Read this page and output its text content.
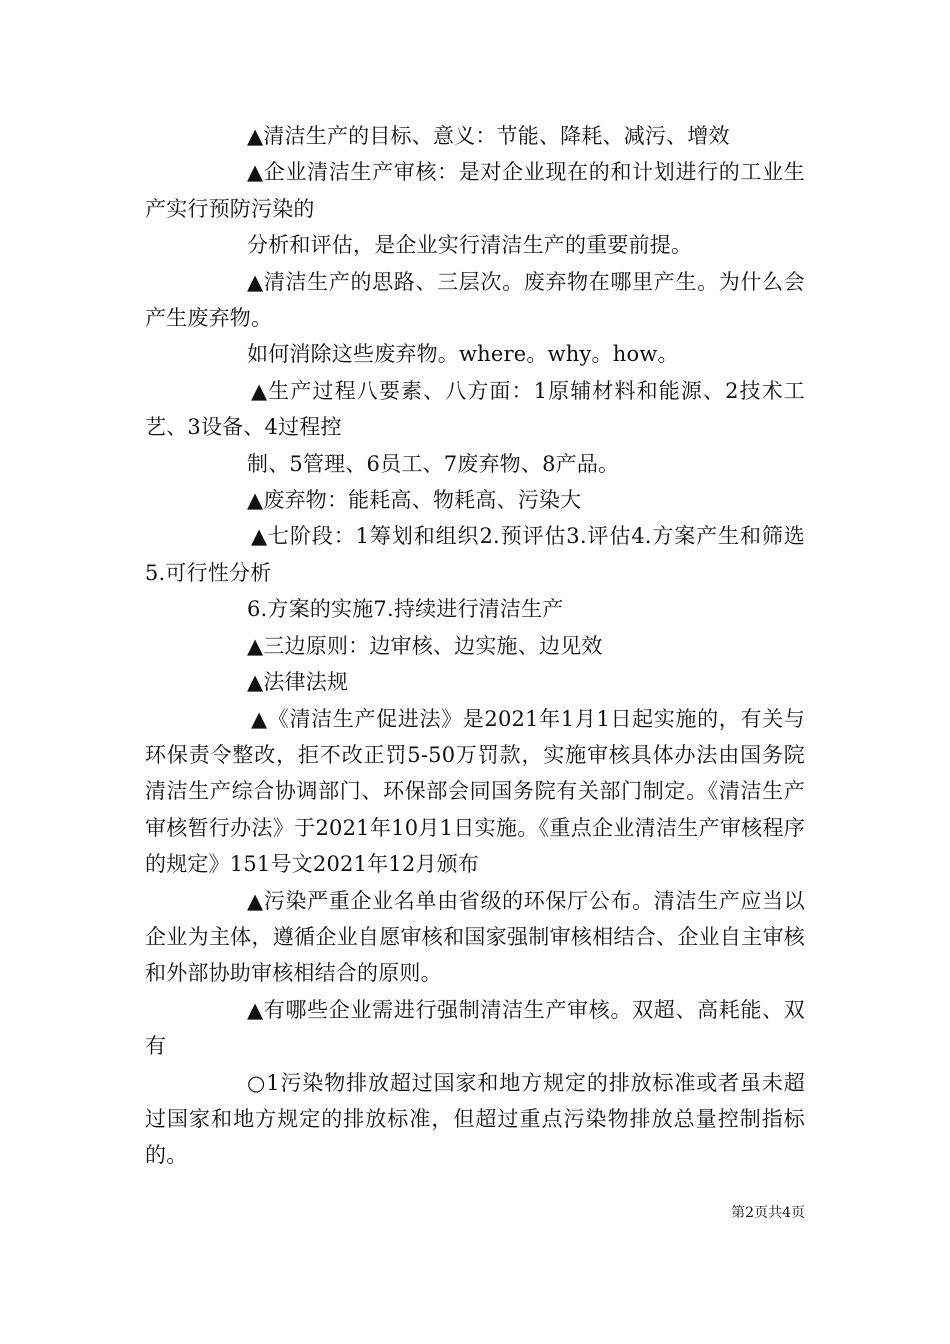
▲清洁生产的目标、意义：节能、降耗、减污、增效

▲企业清洁生产审核：是对企业现在的和计划进行的工业生产实行预防污染的

分析和评估，是企业实行清洁生产的重要前提。

▲清洁生产的思路、三层次。废弃物在哪里产生。为什么会产生废弃物。

如何消除这些废弃物。where。why。how。

▲生产过程八要素、八方面：1原辅材料和能源、2技术工艺、3设备、4过程控

制、5管理、6员工、7废弃物、8产品。

▲废弃物：能耗高、物耗高、污染大

▲七阶段：1筹划和组织2.预评估3.评估4.方案产生和筛选5.可行性分析

6.方案的实施7.持续进行清洁生产

▲三边原则：边审核、边实施、边见效

▲法律法规

▲《清洁生产促进法》是2021年1月1日起实施的，有关与环保责令整改，拒不改正罚5-50万罚款，实施审核具体办法由国务院清洁生产综合协调部门、环保部会同国务院有关部门制定。《清洁生产审核暂行办法》于2021年10月1日实施。《重点企业清洁生产审核程序的规定》151号文2021年12月颁布

▲污染严重企业名单由省级的环保厅公布。清洁生产应当以企业为主体，遵循企业自愿审核和国家强制审核相结合、企业自主审核和外部协助审核相结合的原则。

▲有哪些企业需进行强制清洁生产审核。双超、高耗能、双有

○1污染物排放超过国家和地方规定的排放标准或者虽未超过国家和地方规定的排放标准，但超过重点污染物排放总量控制指标的。

第2页共4页
